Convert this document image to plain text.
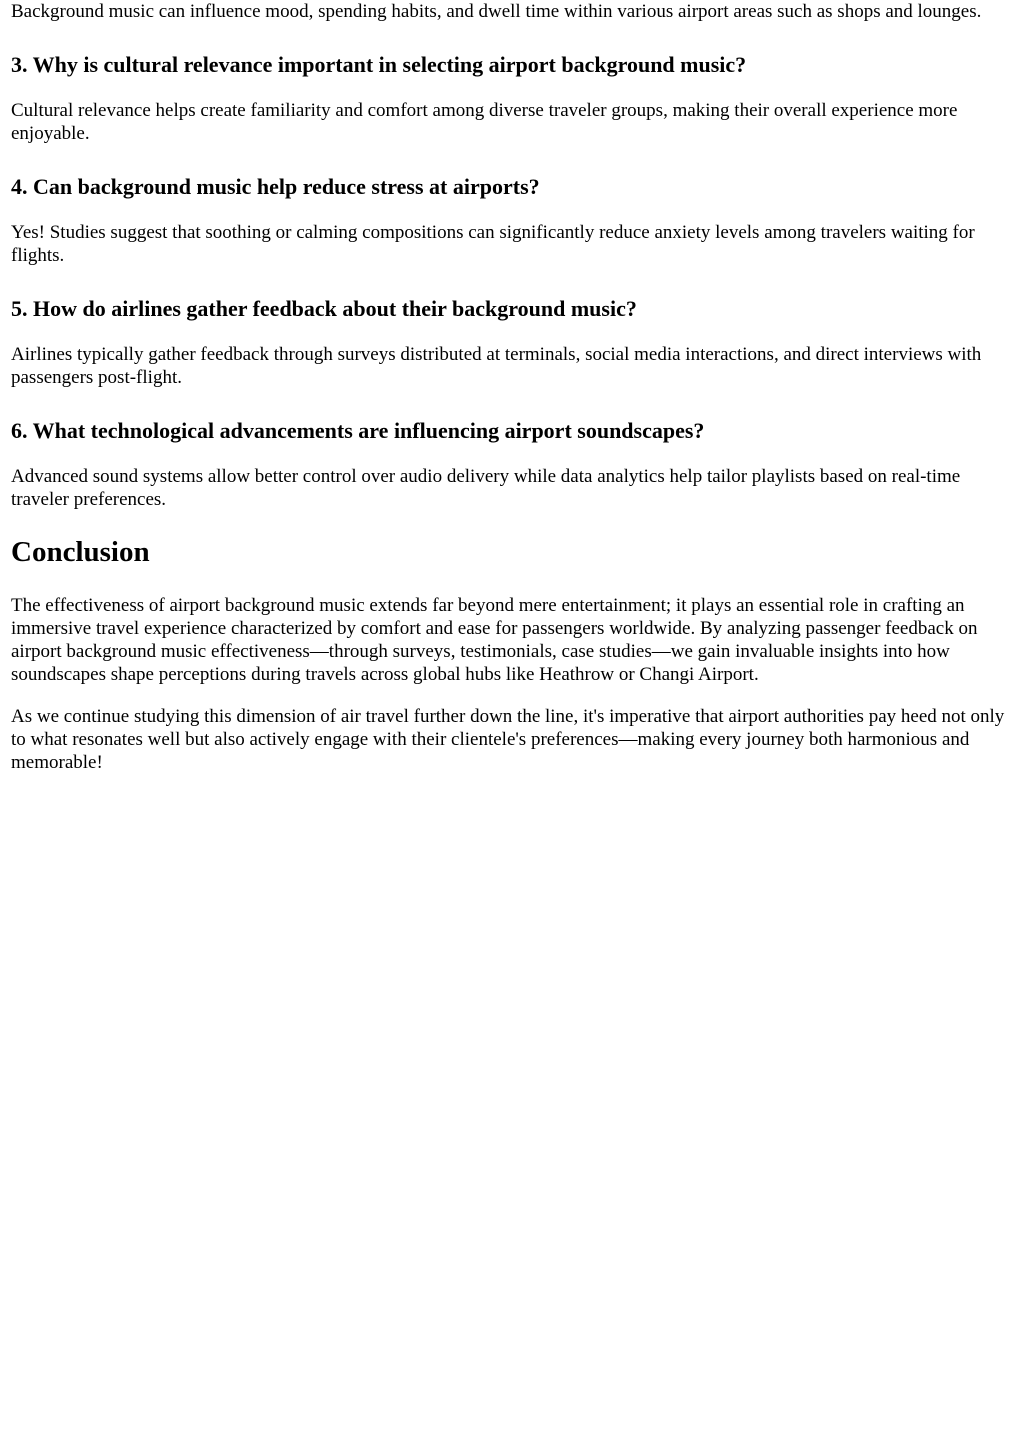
Background music can influence mood, spending habits, and dwell time within various airport areas such as shops and lounges.

3. Why is cultural relevance important in selecting airport background music?

Cultural relevance helps create familiarity and comfort among diverse traveler groups, making their overall experience more enjoyable.

4. Can background music help reduce stress at airports?

Yes! Studies suggest that soothing or calming compositions can significantly reduce anxiety levels among travelers waiting for flights.

5. How do airlines gather feedback about their background music?

Airlines typically gather feedback through surveys distributed at terminals, social media interactions, and direct interviews with passengers post-flight.

6. What technological advancements are influencing airport soundscapes?

Advanced sound systems allow better control over audio delivery while data analytics help tailor playlists based on real-time traveler preferences.

Conclusion

The effectiveness of airport background music extends far beyond mere entertainment; it plays an essential role in crafting an immersive travel experience characterized by comfort and ease for passengers worldwide. By analyzing passenger feedback on airport background music effectiveness—through surveys, testimonials, case studies—we gain invaluable insights into how soundscapes shape perceptions during travels across global hubs like Heathrow or Changi Airport.

As we continue studying this dimension of air travel further down the line, it's imperative that airport authorities pay heed not only to what resonates well but also actively engage with their clientele's preferences—making every journey both harmonious and memorable!
